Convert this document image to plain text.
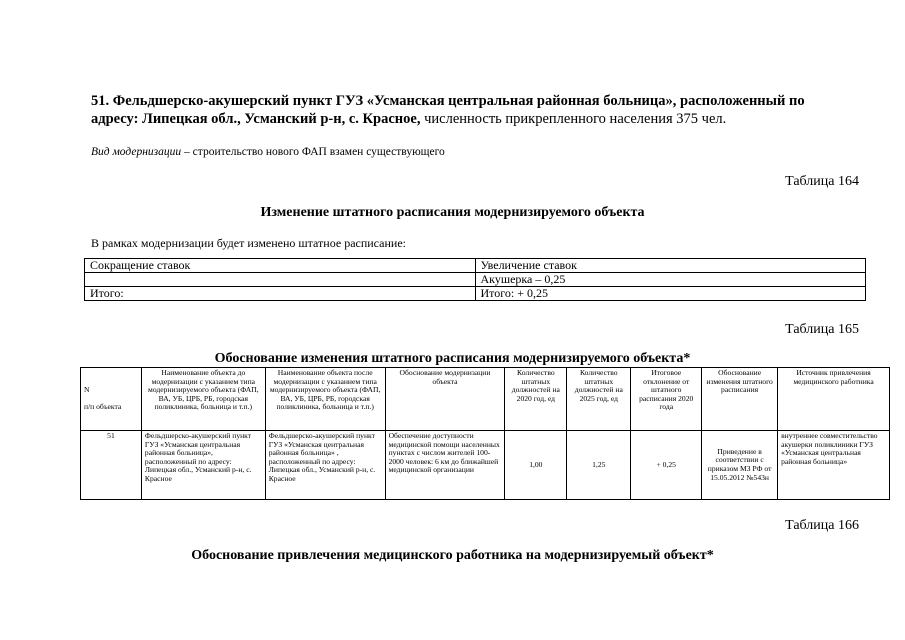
51. Фельдшерско-акушерский пункт ГУЗ «Усманская центральная районная больница», расположенный по адресу: Липецкая обл., Усманский р-н, с. Красное, численность прикрепленного населения 375 чел.
Вид модернизации – строительство нового ФАП взамен существующего
Таблица 164
Изменение штатного расписания модернизируемого объекта
В рамках модернизации будет изменено штатное расписание:
Сокращение ставок	Увеличение ставок
	Акушерка – 0,25
Итого:	Итого: + 0,25
Таблица 165
Обоснование изменения штатного расписания модернизируемого объекта*
N

п/п объекта	Наименование объекта до модернизации с указанием типа модернизируемого объекта (ФАП, ВА, УБ, ЦРБ, РБ, городская поликлиника, больница и т.п.)	Наименование объекта после модернизации с указанием типа модернизируемого объекта (ФАП, ВА, УБ, ЦРБ, РБ, городская поликлиника, больница и т.п.)	Обоснование модернизации объекта	Количество штатных должностей на 2020 год, ед	Количество штатных должностей на 2025 год, ед	Итоговое отклонение от штатного расписания 2020 года	Обоснование изменения штатного расписания	Источник привлечения медицинского работника
51	Фельдшерско-акушерский пункт ГУЗ «Усманская центральная районная больница», расположенный по адресу: Липецкая обл., Усманский р-н, с. Красное	Фельдшерско-акушерский пункт ГУЗ «Усманская центральная районная больница» , расположенный по адресу: Липецкая обл., Усманский р-н, с. Красное	Обеспечение доступности медицинской помощи населенных пунктах с числом жителей 100-2000 человек: 6 км до ближайшей медицинской организации	1,00	1,25	+ 0,25	Приведение в соответствии с приказом МЗ РФ от 15.05.2012 №543н	внутреннее совместительство акушерки поликлиники ГУЗ «Усманская центральная районная больница»
Таблица 166
Обоснование привлечения медицинского работника на модернизируемый объект*
